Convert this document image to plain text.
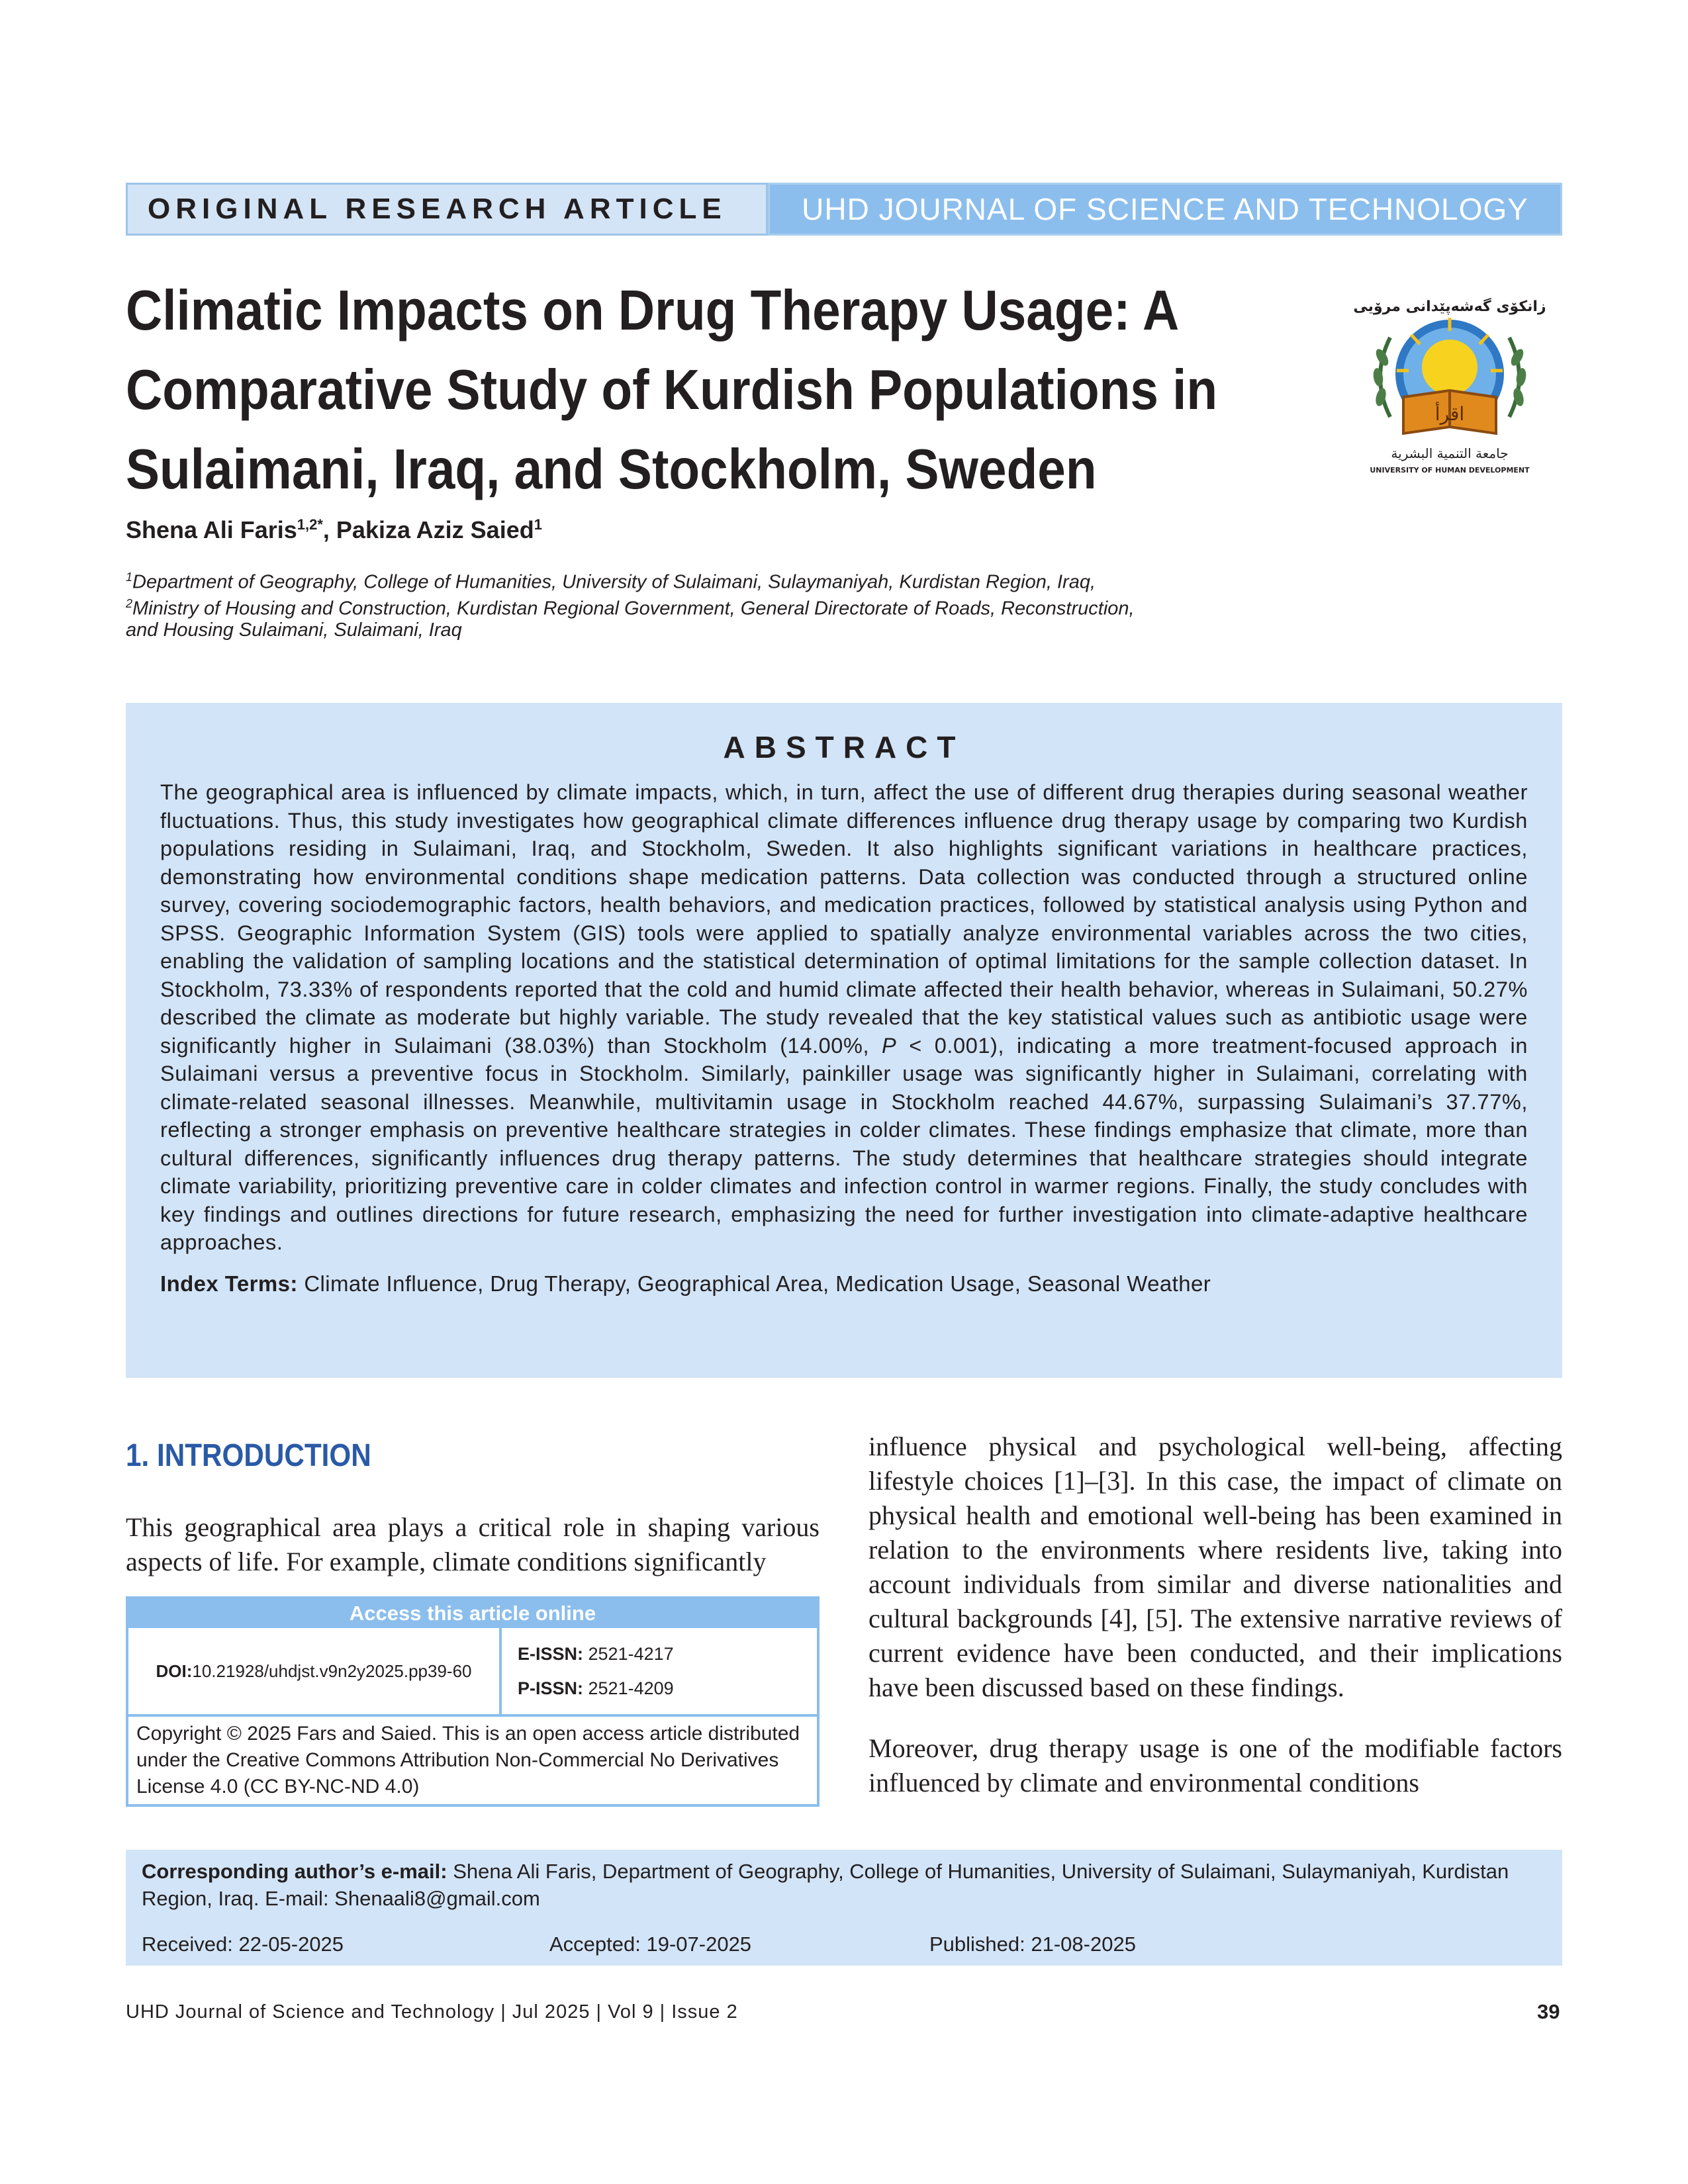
ORIGINAL RESEARCH ARTICLE	UHD JOURNAL OF SCIENCE AND TECHNOLOGY
Climatic Impacts on Drug Therapy Usage: A
Comparative Study of Kurdish Populations in
Sulaimani, Iraq, and Stockholm, Sweden
اقرأ
زانكۆی گەشەپێدانی مرۆیی
جامعة التنمية البشرية
UNIVERSITY OF HUMAN DEVELOPMENT
Shena Ali Faris$^{1,2*}$, Pakiza Aziz Saied$^1$
$^1$Department of Geography, College of Humanities, University of Sulaimani, Sulaymaniyah, Kurdistan Region, Iraq,
$^2$Ministry of Housing and Construction, Kurdistan Regional Government, General Directorate of Roads, Reconstruction,
and Housing Sulaimani, Sulaimani, Iraq
ABSTRACT

The geographical area is influenced by climate impacts, which, in turn, affect the use of different drug therapies during seasonal weather fluctuations. Thus, this study investigates how geographical climate differences influence drug therapy usage by comparing two Kurdish populations residing in Sulaimani, Iraq, and Stockholm, Sweden. It also highlights significant variations in healthcare practices, demonstrating how environmental conditions shape medication patterns. Data collection was conducted through a structured online survey, covering sociodemographic factors, health behaviors, and medication practices, followed by statistical analysis using Python and SPSS. Geographic Information System (GIS) tools were applied to spatially analyze environmental variables across the two cities, enabling the validation of sampling locations and the statistical determination of optimal limitations for the sample collection dataset. In Stockholm, 73.33% of respondents reported that the cold and humid climate affected their health behavior, whereas in Sulaimani, 50.27% described the climate as moderate but highly variable. The study revealed that the key statistical values such as antibiotic usage were significantly higher in Sulaimani (38.03%) than Stockholm (14.00%, P < 0.001), indicating a more treatment-focused approach in Sulaimani versus a preventive focus in Stockholm. Similarly, painkiller usage was significantly higher in Sulaimani, correlating with climate-related seasonal illnesses. Meanwhile, multivitamin usage in Stockholm reached 44.67%, surpassing Sulaimani’s 37.77%, reflecting a stronger emphasis on preventive healthcare strategies in colder climates. These findings emphasize that climate, more than cultural differences, significantly influences drug therapy patterns. The study determines that healthcare strategies should integrate climate variability, prioritizing preventive care in colder climates and infection control in warmer regions. Finally, the study concludes with key findings and outlines directions for future research, emphasizing the need for further investigation into climate-adaptive healthcare approaches.

Index Terms: Climate Influence, Drug Therapy, Geographical Area, Medication Usage, Seasonal Weather
1. INTRODUCTION

This geographical area plays a critical role in shaping various aspects of life. For example, climate conditions significantly

Access this article online
DOI: 10.21928/uhdjst.v9n2y2025.pp39-60
E-ISSN: 2521-4217
P-ISSN: 2521-4209
Copyright © 2025 Fars and Saied. This is an open access article distributed under the Creative Commons Attribution Non-Commercial No Derivatives License 4.0 (CC BY-NC-ND 4.0)

influence physical and psychological well-being, affecting lifestyle choices [1]–[3]. In this case, the impact of climate on physical health and emotional well-being has been examined in relation to the environments where residents live, taking into account individuals from similar and diverse nationalities and cultural backgrounds [4], [5]. The extensive narrative reviews of current evidence have been conducted, and their implications have been discussed based on these findings.

Moreover, drug therapy usage is one of the modifiable factors influenced by climate and environmental conditions

Corresponding author’s e-mail: Shena Ali Faris, Department of Geography, College of Humanities, University of Sulaimani, Sulaymaniyah, Kurdistan Region, Iraq. E-mail: Shenaali8@gmail.com
Received: 22-05-2025	Accepted: 19-07-2025	Published: 21-08-2025
UHD Journal of Science and Technology | Jul 2025 | Vol 9 | Issue 2	39
